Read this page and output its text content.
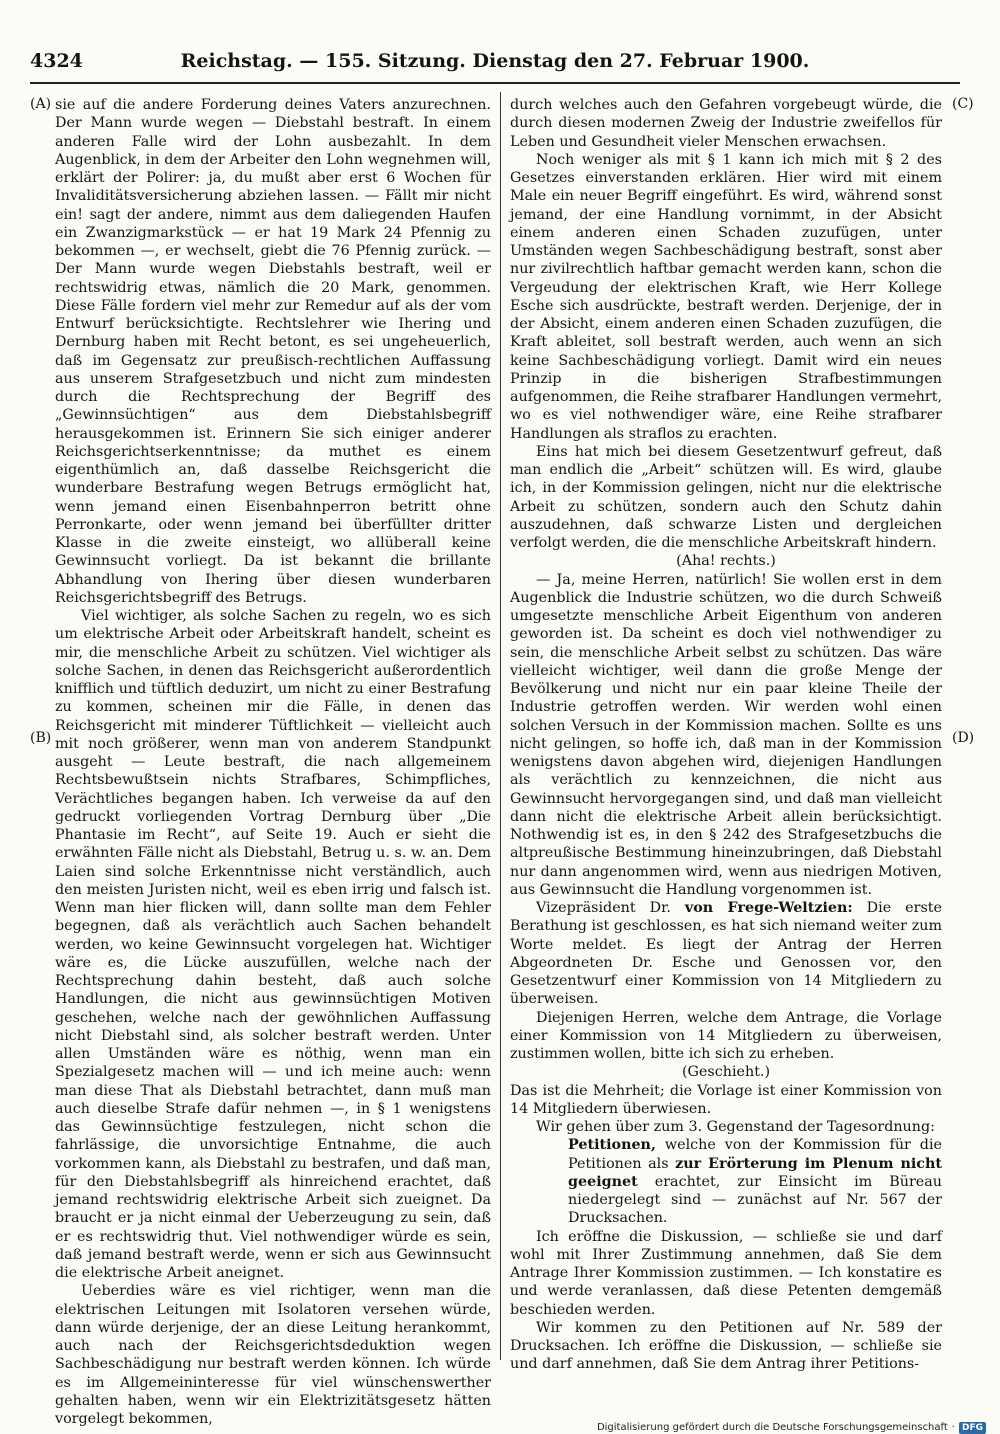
4324	Reichstag. — 155. Sitzung. Dienstag den 27. Februar 1900.
(A)
(B)
(C)
(D)

sie auf die andere Forderung deines Vaters anzurechnen. Der Mann wurde wegen — Diebstahl bestraft. In einem anderen Falle wird der Lohn ausbezahlt. In dem Augenblick, in dem der Arbeiter den Lohn wegnehmen will, erklärt der Polirer: ja, du mußt aber erst 6 Wochen für Invaliditätsversicherung abziehen lassen. — Fällt mir nicht ein! sagt der andere, nimmt aus dem daliegenden Haufen ein Zwanzigmarkstück — er hat 19 Mark 24 Pfennig zu bekommen —, er wechselt, giebt die 76 Pfennig zurück. — Der Mann wurde wegen Diebstahls bestraft, weil er rechtswidrig etwas, nämlich die 20 Mark, genommen. Diese Fälle fordern viel mehr zur Remedur auf als der vom Entwurf berücksichtigte. Rechtslehrer wie Ihering und Dernburg haben mit Recht betont, es sei ungeheuerlich, daß im Gegensatz zur preußisch-rechtlichen Auffassung aus unserem Strafgesetzbuch und nicht zum mindesten durch die Rechtsprechung der Begriff des „Gewinnsüchtigen“ aus dem Diebstahlsbegriff herausgekommen ist. Erinnern Sie sich einiger anderer Reichsgerichtserkenntnisse; da muthet es einem eigenthümlich an, daß dasselbe Reichsgericht die wunderbare Bestrafung wegen Betrugs ermöglicht hat, wenn jemand einen Eisenbahnperron betritt ohne Perronkarte, oder wenn jemand bei überfüllter dritter Klasse in die zweite einsteigt, wo allüberall keine Gewinnsucht vorliegt. Da ist bekannt die brillante Abhandlung von Ihering über diesen wunderbaren Reichsgerichtsbegriff des Betrugs.

Viel wichtiger, als solche Sachen zu regeln, wo es sich um elektrische Arbeit oder Arbeitskraft handelt, scheint es mir, die menschliche Arbeit zu schützen. Viel wichtiger als solche Sachen, in denen das Reichsgericht außerordentlich knifflich und tüftlich deduzirt, um nicht zu einer Bestrafung zu kommen, scheinen mir die Fälle, in denen das Reichsgericht mit minderer Tüftlichkeit — vielleicht auch mit noch größerer, wenn man von anderem Standpunkt ausgeht — Leute bestraft, die nach allgemeinem Rechtsbewußtsein nichts Strafbares, Schimpfliches, Verächtliches begangen haben. Ich verweise da auf den gedruckt vorliegenden Vortrag Dernburg über „Die Phantasie im Recht“, auf Seite 19. Auch er sieht die erwähnten Fälle nicht als Diebstahl, Betrug u. s. w. an. Dem Laien sind solche Erkenntnisse nicht verständlich, auch den meisten Juristen nicht, weil es eben irrig und falsch ist. Wenn man hier flicken will, dann sollte man dem Fehler begegnen, daß als verächtlich auch Sachen behandelt werden, wo keine Gewinnsucht vorgelegen hat. Wichtiger wäre es, die Lücke auszufüllen, welche nach der Rechtsprechung dahin besteht, daß auch solche Handlungen, die nicht aus gewinnsüchtigen Motiven geschehen, welche nach der gewöhnlichen Auffassung nicht Diebstahl sind, als solcher bestraft werden. Unter allen Umständen wäre es nöthig, wenn man ein Spezialgesetz machen will — und ich meine auch: wenn man diese That als Diebstahl betrachtet, dann muß man auch dieselbe Strafe dafür nehmen —, in § 1 wenigstens das Gewinnsüchtige festzulegen, nicht schon die fahrlässige, die unvorsichtige Entnahme, die auch vorkommen kann, als Diebstahl zu bestrafen, und daß man, für den Diebstahlsbegriff als hinreichend erachtet, daß jemand rechtswidrig elektrische Arbeit sich zueignet. Da braucht er ja nicht einmal der Ueberzeugung zu sein, daß er es rechtswidrig thut. Viel nothwendiger würde es sein, daß jemand bestraft werde, wenn er sich aus Gewinnsucht die elektrische Arbeit aneignet.

Ueberdies wäre es viel richtiger, wenn man die elektrischen Leitungen mit Isolatoren versehen würde, dann würde derjenige, der an diese Leitung herankommt, auch nach der Reichsgerichtsdeduktion wegen Sachbeschädigung nur bestraft werden können. Ich würde es im Allgemeininteresse für viel wünschenswerther gehalten haben, wenn wir ein Elektrizitätsgesetz hätten vorgelegt bekommen,

durch welches auch den Gefahren vorgebeugt würde, die durch diesen modernen Zweig der Industrie zweifellos für Leben und Gesundheit vieler Menschen erwachsen.

Noch weniger als mit § 1 kann ich mich mit § 2 des Gesetzes einverstanden erklären. Hier wird mit einem Male ein neuer Begriff eingeführt. Es wird, während sonst jemand, der eine Handlung vornimmt, in der Absicht einem anderen einen Schaden zuzufügen, unter Umständen wegen Sachbeschädigung bestraft, sonst aber nur zivilrechtlich haftbar gemacht werden kann, schon die Vergeudung der elektrischen Kraft, wie Herr Kollege Esche sich ausdrückte, bestraft werden. Derjenige, der in der Absicht, einem anderen einen Schaden zuzufügen, die Kraft ableitet, soll bestraft werden, auch wenn an sich keine Sachbeschädigung vorliegt. Damit wird ein neues Prinzip in die bisherigen Strafbestimmungen aufgenommen, die Reihe strafbarer Handlungen vermehrt, wo es viel nothwendiger wäre, eine Reihe strafbarer Handlungen als straflos zu erachten.

Eins hat mich bei diesem Gesetzentwurf gefreut, daß man endlich die „Arbeit“ schützen will. Es wird, glaube ich, in der Kommission gelingen, nicht nur die elektrische Arbeit zu schützen, sondern auch den Schutz dahin auszudehnen, daß schwarze Listen und dergleichen verfolgt werden, die die menschliche Arbeitskraft hindern.

(Aha! rechts.)

— Ja, meine Herren, natürlich! Sie wollen erst in dem Augenblick die Industrie schützen, wo die durch Schweiß umgesetzte menschliche Arbeit Eigenthum von anderen geworden ist. Da scheint es doch viel nothwendiger zu sein, die menschliche Arbeit selbst zu schützen. Das wäre vielleicht wichtiger, weil dann die große Menge der Bevölkerung und nicht nur ein paar kleine Theile der Industrie getroffen werden. Wir werden wohl einen solchen Versuch in der Kommission machen. Sollte es uns nicht gelingen, so hoffe ich, daß man in der Kommission wenigstens davon abgehen wird, diejenigen Handlungen als verächtlich zu kennzeichnen, die nicht aus Gewinnsucht hervorgegangen sind, und daß man vielleicht dann nicht die elektrische Arbeit allein berücksichtigt. Nothwendig ist es, in den § 242 des Strafgesetzbuchs die altpreußische Bestimmung hineinzubringen, daß Diebstahl nur dann angenommen wird, wenn aus niedrigen Motiven, aus Gewinnsucht die Handlung vorgenommen ist.

Vizepräsident Dr. von Frege-Weltzien: Die erste Berathung ist geschlossen, es hat sich niemand weiter zum Worte meldet. Es liegt der Antrag der Herren Abgeordneten Dr. Esche und Genossen vor, den Gesetzentwurf einer Kommission von 14 Mitgliedern zu überweisen.

Diejenigen Herren, welche dem Antrage, die Vorlage einer Kommission von 14 Mitgliedern zu überweisen, zustimmen wollen, bitte ich sich zu erheben.

(Geschieht.)

Das ist die Mehrheit; die Vorlage ist einer Kommission von 14 Mitgliedern überwiesen.

Wir gehen über zum 3. Gegenstand der Tagesordnung:

Petitionen, welche von der Kommission für die Petitionen als zur Erörterung im Plenum nicht geeignet erachtet, zur Einsicht im Büreau niedergelegt sind — zunächst auf Nr. 567 der Drucksachen.

Ich eröffne die Diskussion, — schließe sie und darf wohl mit Ihrer Zustimmung annehmen, daß Sie dem Antrage Ihrer Kommission zustimmen. — Ich konstatire es und werde veranlassen, daß diese Petenten demgemäß beschieden werden.

Wir kommen zu den Petitionen auf Nr. 589 der Drucksachen. Ich eröffne die Diskussion, — schließe sie und darf annehmen, daß Sie dem Antrag ihrer Petitions-

Digitalisierung gefördert durch die Deutsche Forschungsgemeinschaft · DFG
